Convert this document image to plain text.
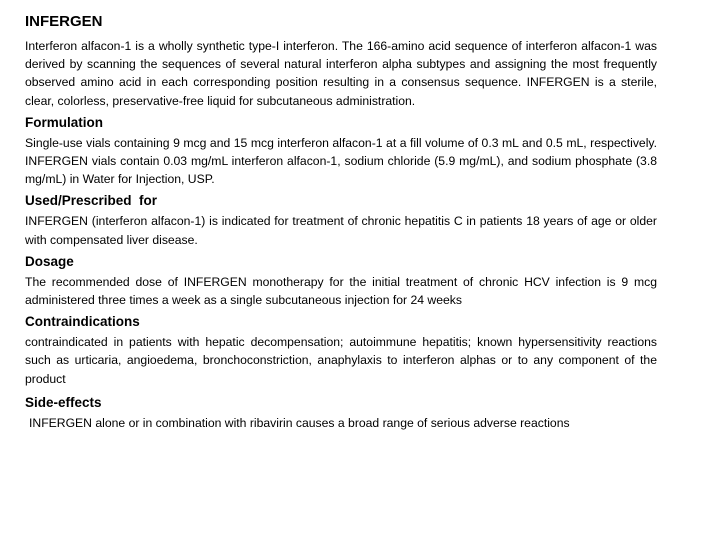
INFERGEN
Interferon alfacon-1 is a wholly synthetic type-I interferon. The 166-amino acid sequence of interferon alfacon-1 was derived by scanning the sequences of several natural interferon alpha subtypes and assigning the most frequently observed amino acid in each corresponding position resulting in a consensus sequence. INFERGEN is a sterile, clear, colorless, preservative-free liquid for subcutaneous administration.
Formulation
Single-use vials containing 9 mcg and 15 mcg interferon alfacon-1 at a fill volume of 0.3 mL and 0.5 mL, respectively. INFERGEN vials contain 0.03 mg/mL interferon alfacon-1, sodium chloride (5.9 mg/mL), and sodium phosphate (3.8 mg/mL) in Water for Injection, USP.
Used/Prescribed  for
INFERGEN (interferon alfacon-1) is indicated for treatment of chronic hepatitis C in patients 18 years of age or older with compensated liver disease.
Dosage
The recommended dose of INFERGEN monotherapy for the initial treatment of chronic HCV infection is 9 mcg administered three times a week as a single subcutaneous injection for 24 weeks
Contraindications
contraindicated in patients with hepatic decompensation; autoimmune hepatitis; known hypersensitivity reactions such as urticaria, angioedema, bronchoconstriction, anaphylaxis to interferon alphas or to any component of the product
Side-effects
INFERGEN alone or in combination with ribavirin causes a broad range of serious adverse reactions
